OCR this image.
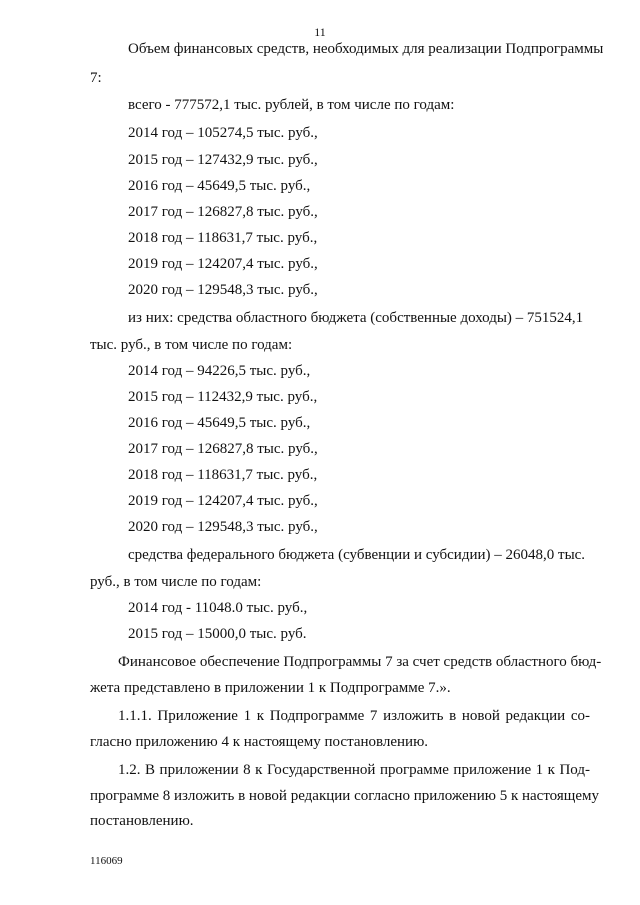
11
Объем финансовых средств, необходимых для реализации Подпрограммы
7:
всего - 777572,1 тыс. рублей, в том числе по годам:
2014 год – 105274,5 тыс. руб.,
2015 год – 127432,9 тыс. руб.,
2016 год – 45649,5 тыс. руб.,
2017 год – 126827,8 тыс. руб.,
2018 год – 118631,7 тыс. руб.,
2019 год – 124207,4 тыс. руб.,
2020 год – 129548,3 тыс. руб.,
из них: средства областного бюджета (собственные доходы) – 751524,1
тыс. руб., в том числе по годам:
2014 год – 94226,5 тыс. руб.,
2015 год – 112432,9 тыс. руб.,
2016 год – 45649,5 тыс. руб.,
2017 год – 126827,8 тыс. руб.,
2018 год – 118631,7 тыс. руб.,
2019 год – 124207,4 тыс. руб.,
2020 год – 129548,3 тыс. руб.,
средства федерального бюджета (субвенции и субсидии) – 26048,0 тыс.
руб., в том числе по годам:
2014 год - 11048.0 тыс. руб.,
2015 год – 15000,0 тыс. руб.
Финансовое обеспечение Подпрограммы 7 за счет средств областного бюд-
жета представлено в приложении 1 к Подпрограмме 7.».
1.1.1. Приложение 1 к Подпрограмме 7 изложить в новой редакции со-
гласно приложению 4 к настоящему постановлению.
1.2. В приложении 8 к Государственной программе приложение 1 к Под-
программе 8 изложить в новой редакции согласно приложению 5 к настоящему
постановлению.
116069
